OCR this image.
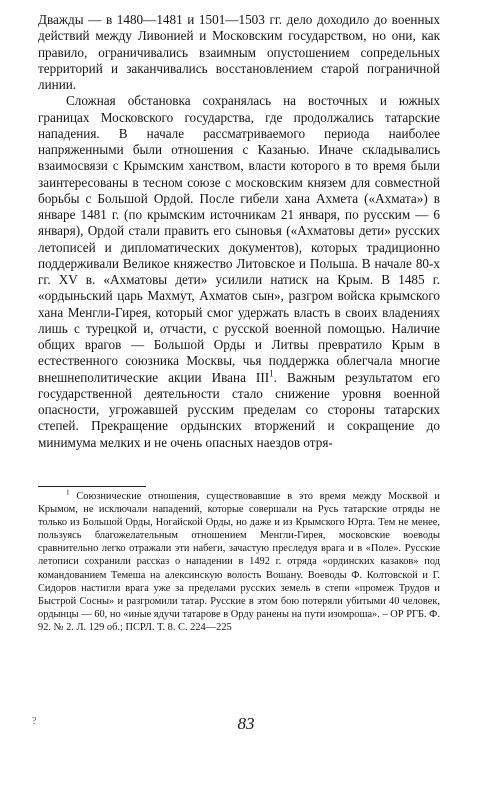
Дважды — в 1480—1481 и 1501—1503 гг. дело доходило до военных действий между Ливонией и Московским государством, но они, как правило, ограничивались взаимным опустошением сопредельных территорий и заканчивались восстановлением старой пограничной линии.

Сложная обстановка сохранялась на восточных и южных границах Московского государства, где продолжались татарские нападения. В начале рассматриваемого периода наиболее напряженными были отношения с Казанью. Иначе складывались взаимосвязи с Крымским ханством, власти которого в то время были заинтересованы в тесном союзе с московским князем для совместной борьбы с Большой Ордой. После гибели хана Ахмета («Ахмата») в январе 1481 г. (по крымским источникам 21 января, по русским — 6 января), Ордой стали править его сыновья («Ахматовы дети» русских летописей и дипломатических документов), которых традиционно поддерживали Великое княжество Литовское и Польша. В начале 80-х гг. XV в. «Ахматовы дети» усилили натиск на Крым. В 1485 г. «ордыньский царь Махмут, Ахматов сын», разгром войска крымского хана Менгли-Гирея, который смог удержать власть в своих владениях лишь с турецкой и, отчасти, с русской военной помощью. Наличие общих врагов — Большой Орды и Литвы превратило Крым в естественного союзника Москвы, чья поддержка облегчала многие внешнеполитические акции Ивана III$^1$. Важным результатом его государственной деятельности стало снижение уровня военной опасности, угрожавшей русским пределам со стороны татарских степей. Прекращение ордынских вторжений и сокращение до минимума мелких и не очень опасных наездов отря-

$^1$ Союзнические отношения, существовавшие в это время между Москвой и Крымом, не исключали нападений, которые совершали на Русь татарские отряды не только из Большой Орды, Ногайской Орды, но даже и из Крымского Юрта. Тем не менее, пользуясь благожелательным отношением Менгли-Гирея, московские воеводы сравнительно легко отражали эти набеги, зачастую преследуя врага и в «Поле». Русские летописи сохранили рассказ о нападении в 1492 г. отряда «ординских казаков» под командованием Темеша на алексинскую волость Вошану. Воеводы Ф. Колтовской и Г. Сидоров настигли врага уже за пределами русских земель в степи «промеж Трудов и Быстрой Сосны» и разгромили татар. Русские в этом бою потеряли убитыми 40 человек, ордынцы — 60, но «иные ядучи татарове в Орду ранены на пути изомроша». – ОР РГБ. Ф. 92. № 2. Л. 129 об.; ПСРЛ. Т. 8. С. 224—225
?	83
